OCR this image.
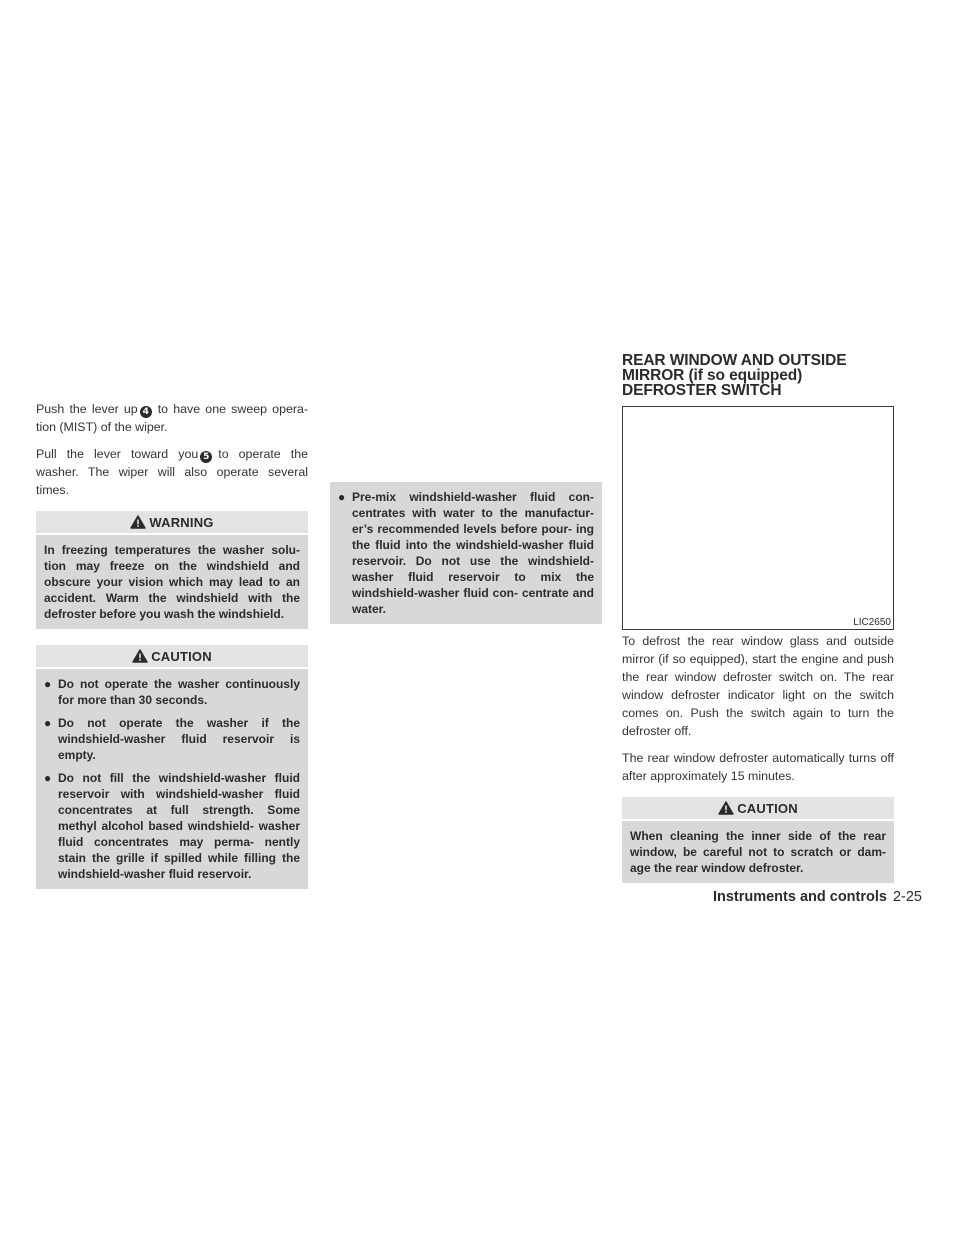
Push the lever up 4 to have one sweep opera- tion (MIST) of the wiper.

Pull the lever toward you 5 to operate the washer. The wiper will also operate several times.

WARNING
In freezing temperatures the washer solu- tion may freeze on the windshield and obscure your vision which may lead to an accident. Warm the windshield with the defroster before you wash the windshield.
CAUTION
● Do not operate the washer continuously for more than 30 seconds.
● Do not operate the washer if the windshield-washer fluid reservoir is empty.
● Do not fill the windshield-washer fluid reservoir with windshield-washer fluid concentrates at full strength. Some methyl alcohol based windshield- washer fluid concentrates may perma- nently stain the grille if spilled while filling the windshield-washer fluid reservoir.
● Pre-mix windshield-washer fluid con- centrates with water to the manufactur- er’s recommended levels before pour- ing the fluid into the windshield-washer fluid reservoir. Do not use the windshield-washer fluid reservoir to mix the windshield-washer fluid con- centrate and water.
REAR WINDOW AND OUTSIDE
MIRROR (if so equipped)
DEFROSTER SWITCH
LIC2650

To defrost the rear window glass and outside mirror (if so equipped), start the engine and push the rear window defroster switch on. The rear window defroster indicator light on the switch comes on. Push the switch again to turn the defroster off.

The rear window defroster automatically turns off after approximately 15 minutes.

CAUTION
When cleaning the inner side of the rear window, be careful not to scratch or dam- age the rear window defroster.
Instruments and controls 2-25
